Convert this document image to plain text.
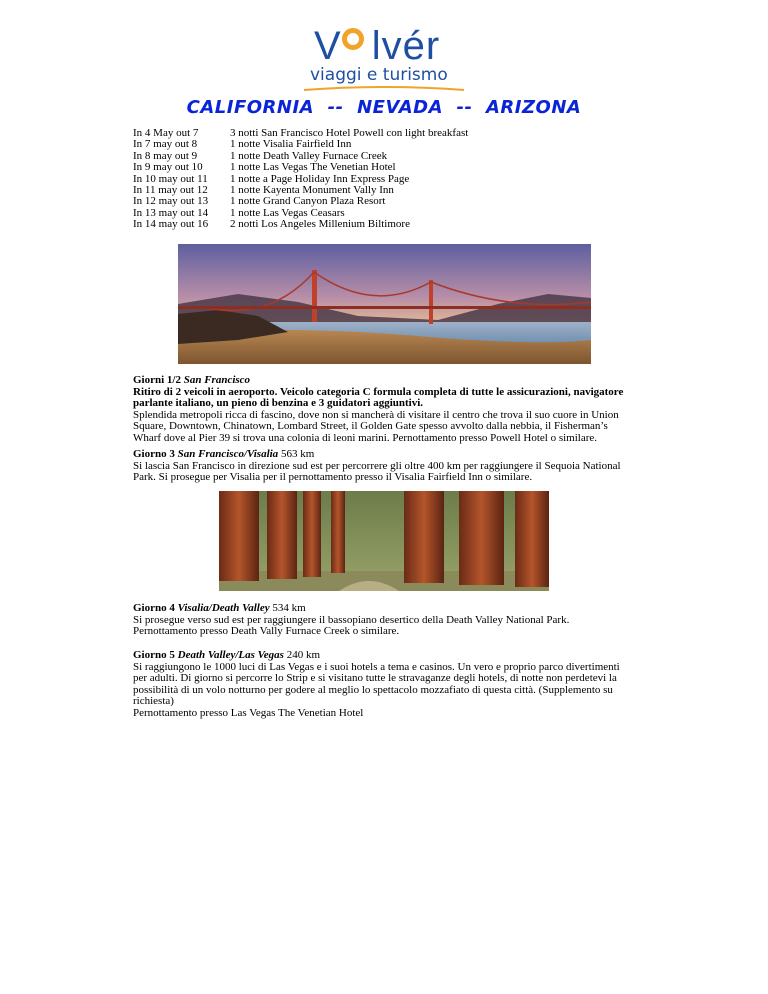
V lvér
viaggi e turismo
CALIFORNIA  --  NEVADA  --  ARIZONA
In 4 May out 7
In 7 may out 8
In 8 may out 9
In 9 may out 10
In 10 may out 11
In 11 may out 12
In 12 may out 13
In 13 may out 14
In 14 may out 16
3 notti San Francisco Hotel Powell con light breakfast
1 notte Visalia Fairfield Inn
1 notte Death Valley Furnace Creek
1 notte Las Vegas The Venetian Hotel
1 notte a Page Holiday Inn Express Page
1 notte Kayenta Monument Vally Inn
1 notte Grand Canyon Plaza Resort
1 notte Las Vegas Ceasars
2 notti Los Angeles Millenium Biltimore
Giorni 1/2 San Francisco
Ritiro di 2 veicoli in aeroporto. Veicolo categoria C formula completa di tutte le assicurazioni, navigatore parlante italiano, un pieno di benzina e 3 guidatori aggiuntivi.
Splendida metropoli ricca di fascino, dove non si mancherà di visitare il centro che trova il suo cuore in Union Square, Downtown, Chinatown, Lombard Street, il Golden Gate spesso avvolto dalla nebbia, il Fisherman’s Wharf dove al Pier 39 si trova una colonia di leoni marini. Pernottamento presso Powell Hotel o similare.
Giorno 3 San Francisco/Visalia 563 km
Si lascia San Francisco in direzione sud est per percorrere gli oltre 400 km per raggiungere il Sequoia National Park. Si prosegue per Visalia per il pernottamento presso il Visalia Fairfield Inn o similare.
Giorno 4 Visalia/Death Valley 534 km
Si prosegue verso sud est per raggiungere il bassopiano desertico della Death Valley National Park. Pernottamento presso Death Vally Furnace Creek o similare.
Giorno 5 Death Valley/Las Vegas 240 km
Si raggiungono le 1000 luci di Las Vegas e i suoi hotels a tema e casinos. Un vero e proprio parco divertimenti per adulti. Di giorno si percorre lo Strip e si visitano tutte le stravaganze degli hotels, di notte non perdetevi la possibilità di un volo notturno per godere al meglio lo spettacolo mozzafiato di questa città. (Supplemento su richiesta)
Pernottamento presso Las Vegas The Venetian Hotel
